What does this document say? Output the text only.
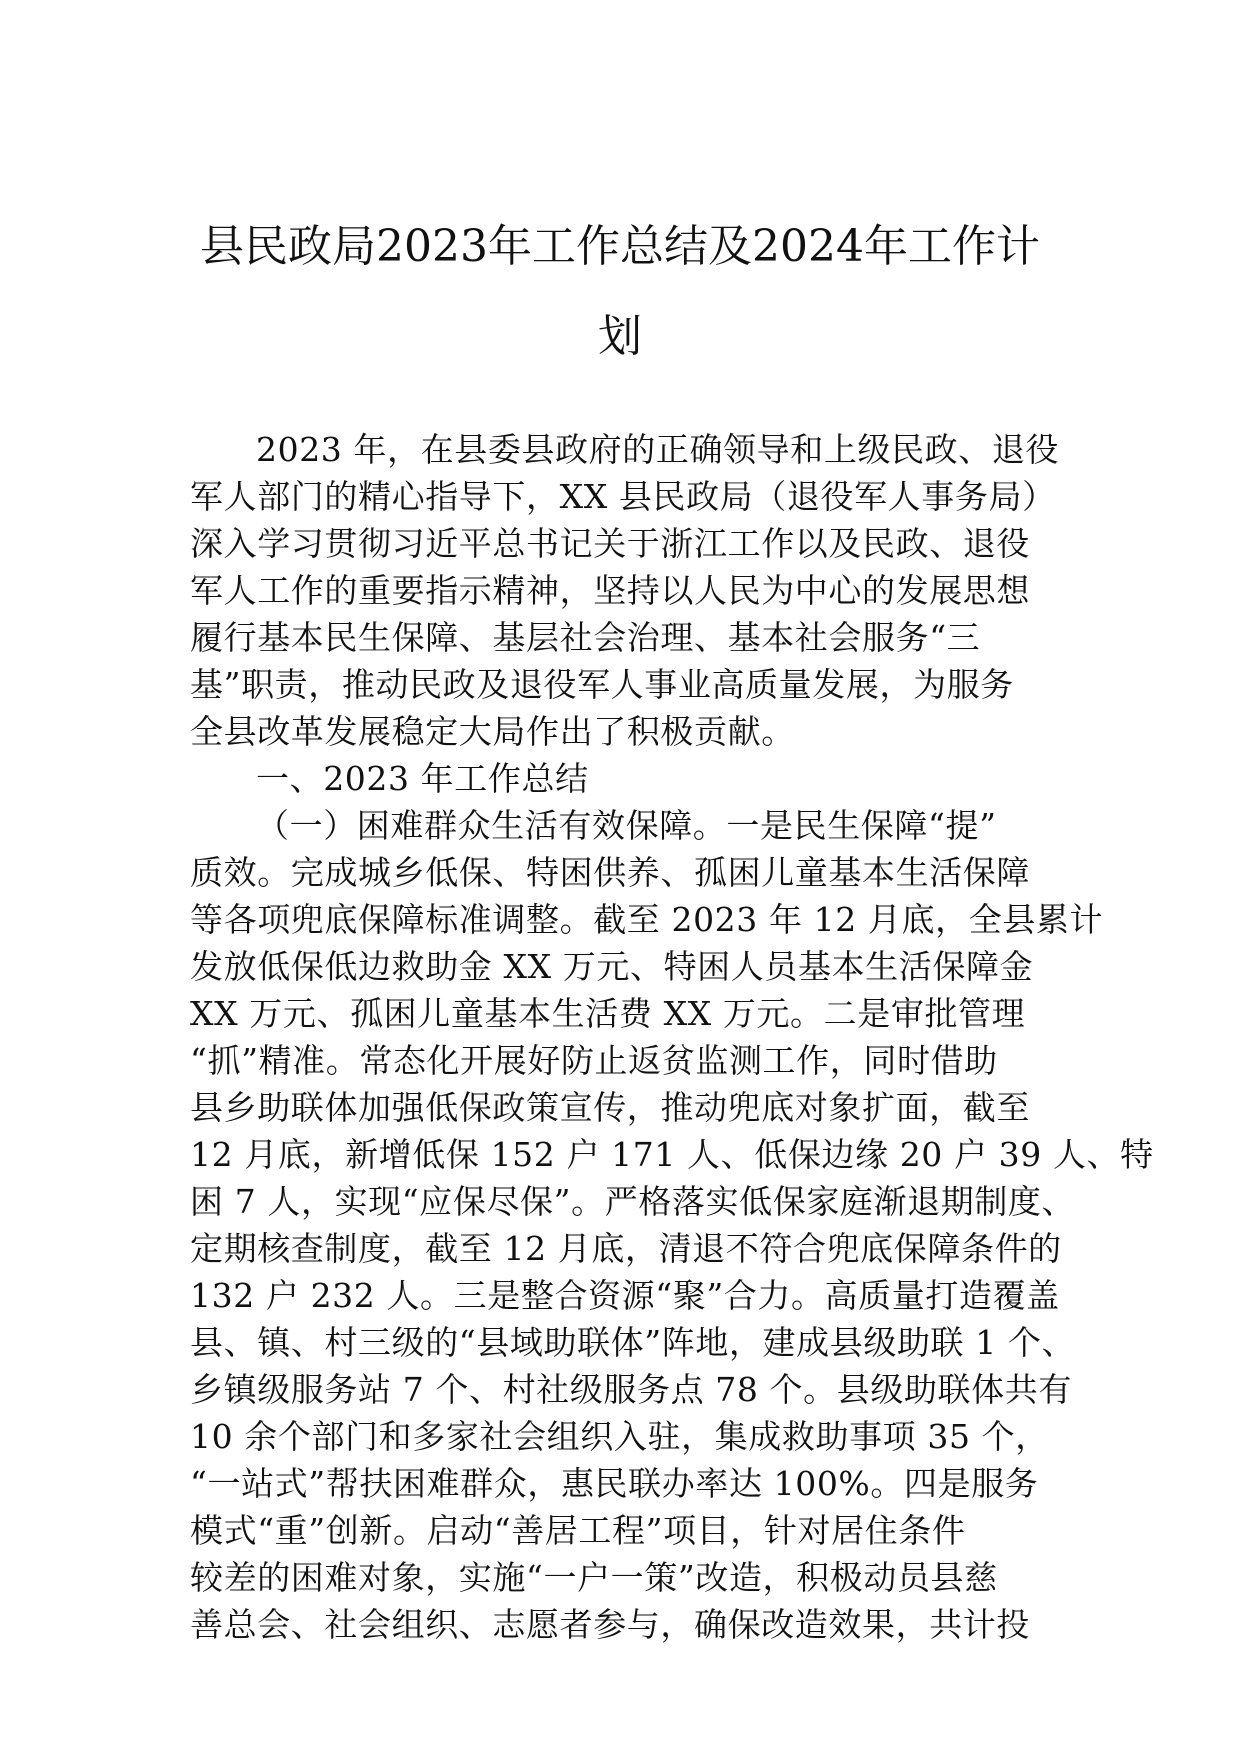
县民政局2023年工作总结及2024年工作计
划
2023 年，在县委县政府的正确领导和上级民政、退役
军人部门的精心指导下，XX 县民政局（退役军人事务局）
深入学习贯彻习近平总书记关于浙江工作以及民政、退役
军人工作的重要指示精神，坚持以人民为中心的发展思想
履行基本民生保障、基层社会治理、基本社会服务“三
基”职责，推动民政及退役军人事业高质量发展，为服务
全县改革发展稳定大局作出了积极贡献。
一、2023 年工作总结
（一）困难群众生活有效保障。一是民生保障“提”
质效。完成城乡低保、特困供养、孤困儿童基本生活保障
等各项兜底保障标准调整。截至 2023 年 12 月底，全县累计
发放低保低边救助金 XX 万元、特困人员基本生活保障金
XX 万元、孤困儿童基本生活费 XX 万元。二是审批管理
“抓”精准。常态化开展好防止返贫监测工作，同时借助
县乡助联体加强低保政策宣传，推动兜底对象扩面，截至
12 月底，新增低保 152 户 171 人、低保边缘 20 户 39 人、特
困 7 人，实现“应保尽保”。严格落实低保家庭渐退期制度、
定期核查制度，截至 12 月底，清退不符合兜底保障条件的
132 户 232 人。三是整合资源“聚”合力。高质量打造覆盖
县、镇、村三级的“县域助联体”阵地，建成县级助联 1 个、
乡镇级服务站 7 个、村社级服务点 78 个。县级助联体共有
10 余个部门和多家社会组织入驻，集成救助事项 35 个，
“一站式”帮扶困难群众，惠民联办率达 100%。四是服务
模式“重”创新。启动“善居工程”项目，针对居住条件
较差的困难对象，实施“一户一策”改造，积极动员县慈
善总会、社会组织、志愿者参与，确保改造效果，共计投
